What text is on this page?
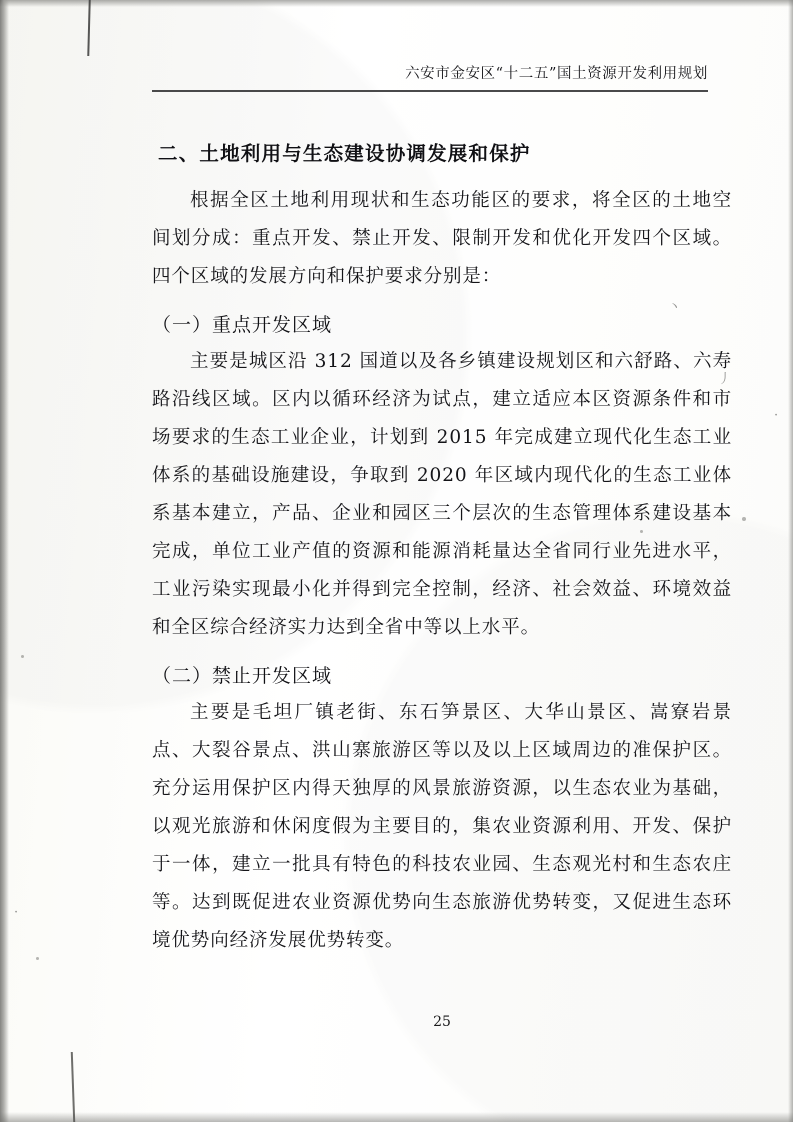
六安市金安区“十二五”国土资源开发利用规划
二、土地利用与生态建设协调发展和保护

根据全区土地利用现状和生态功能区的要求，将全区的土地空间划分成：重点开发、禁止开发、限制开发和优化开发四个区域。四个区域的发展方向和保护要求分别是：

（一）重点开发区域

主要是城区沿 312 国道以及各乡镇建设规划区和六舒路、六寿路沿线区域。区内以循环经济为试点，建立适应本区资源条件和市场要求的生态工业企业，计划到 2015 年完成建立现代化生态工业体系的基础设施建设，争取到 2020 年区域内现代化的生态工业体系基本建立，产品、企业和园区三个层次的生态管理体系建设基本完成，单位工业产值的资源和能源消耗量达全省同行业先进水平，工业污染实现最小化并得到完全控制，经济、社会效益、环境效益和全区综合经济实力达到全省中等以上水平。

（二）禁止开发区域

主要是毛坦厂镇老街、东石笋景区、大华山景区、嵩寮岩景点、大裂谷景点、洪山寨旅游区等以及以上区域周边的准保护区。充分运用保护区内得天独厚的风景旅游资源，以生态农业为基础，以观光旅游和休闲度假为主要目的，集农业资源利用、开发、保护于一体，建立一批具有特色的科技农业园、生态观光村和生态农庄等。达到既促进农业资源优势向生态旅游优势转变，又促进生态环境优势向经济发展优势转变。

25
丶
丿
·
·
